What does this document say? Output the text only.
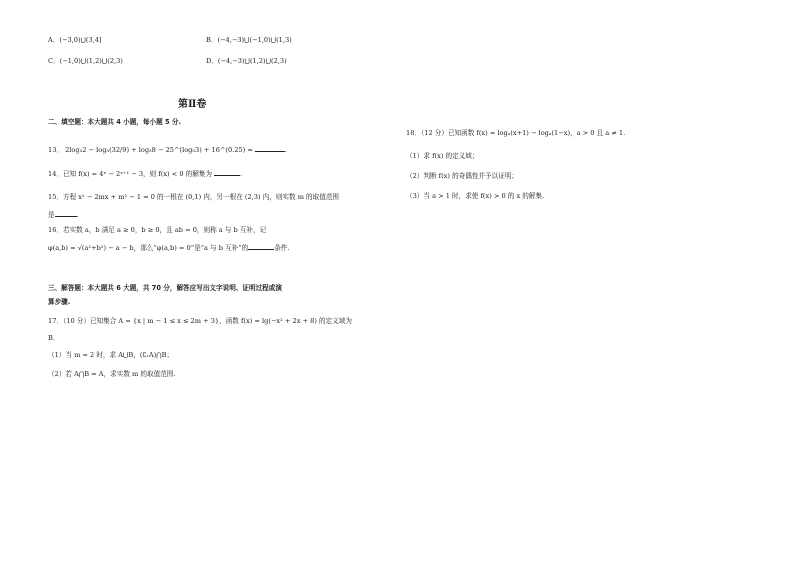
A．(−3,0)⋃(3,4]	B．(−4,−3)⋃(−1,0)⋃(1,3)
C．(−1,0)⋃(1,2)⋃(2,3)	D．(−4,−3)⋃(1,2)⋃(2,3)
第Ⅱ卷
二、填空题：本大题共 4 小题，每小题 5 分.
13． 2log₃2 − log₃(32/9) + log₃8 − 25^(log₅3) + 16^(0.25) =	.
14．已知 f(x) = 4ˣ − 2ˣ⁺¹ − 3，则 f(x) < 0 的解集为	.
15．方程 x² − 2mx + m² − 1 = 0 的一根在 (0,1) 内，另一根在 (2,3) 内，则实数 m 的取值范围
是	.
16．若实数 a，b 满足 a ≥ 0，b ≥ 0，且 ab = 0，则称 a 与 b 互补，记
φ(a,b) = √(a²+b²) − a − b，那么“φ(a,b) = 0”是“a 与 b 互补”的	条件.
三、解答题：本大题共 6 大题，共 70 分，解答应写出文字说明、证明过程或演
算步骤.
17．（10 分）已知集合 A = {x | m − 1 ≤ x ≤ 2m + 3}，函数 f(x) = lg(−x² + 2x + 8) 的定义域为
B．
（1）当 m = 2 时，求 A⋃B，(∁ᵣA)⋂B；
（2）若 A⋂B = A，求实数 m 的取值范围.
18．（12 分）已知函数 f(x) = logₐ(x+1) − logₐ(1−x)，a > 0 且 a ≠ 1.
（1）求 f(x) 的定义域；
（2）判断 f(x) 的奇偶性并予以证明；
（3）当 a > 1 时，求使 f(x) > 0 的 x 的解集.
